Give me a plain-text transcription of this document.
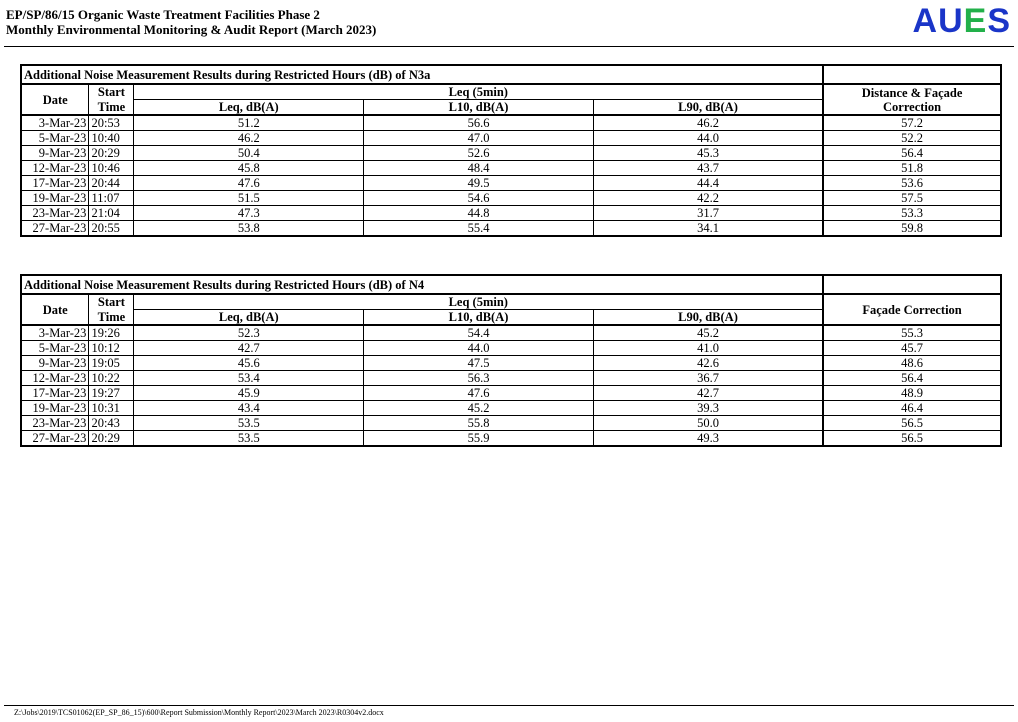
EP/SP/86/15 Organic Waste Treatment Facilities Phase 2
Monthly Environmental Monitoring & Audit Report (March 2023)	AUES
Additional Noise Measurement Results during Restricted Hours (dB) of N3a					
Date	Start	Leq (5min)			Distance & Façade
Correction

	Time	Leq, dB(A)	L10, dB(A)	L90, dB(A)	
3-Mar-23	20:53	51.2	56.6	46.2	57.2
5-Mar-23	10:40	46.2	47.0	44.0	52.2
9-Mar-23	20:29	50.4	52.6	45.3	56.4
12-Mar-23	10:46	45.8	48.4	43.7	51.8
17-Mar-23	20:44	47.6	49.5	44.4	53.6
19-Mar-23	11:07	51.5	54.6	42.2	57.5
23-Mar-23	21:04	47.3	44.8	31.7	53.3
27-Mar-23	20:55	53.8	55.4	34.1	59.8
Additional Noise Measurement Results during Restricted Hours (dB) of N4					
Date	Start	Leq (5min)			Façade Correction

	Time	Leq, dB(A)	L10, dB(A)	L90, dB(A)	
3-Mar-23	19:26	52.3	54.4	45.2	55.3
5-Mar-23	10:12	42.7	44.0	41.0	45.7
9-Mar-23	19:05	45.6	47.5	42.6	48.6
12-Mar-23	10:22	53.4	56.3	36.7	56.4
17-Mar-23	19:27	45.9	47.6	42.7	48.9
19-Mar-23	10:31	43.4	45.2	39.3	46.4
23-Mar-23	20:43	53.5	55.8	50.0	56.5
27-Mar-23	20:29	53.5	55.9	49.3	56.5
Z:\Jobs\2019\TCS01062(EP_SP_86_15)\600\Report Submission\Monthly Report\2023\March 2023\R0304v2.docx
